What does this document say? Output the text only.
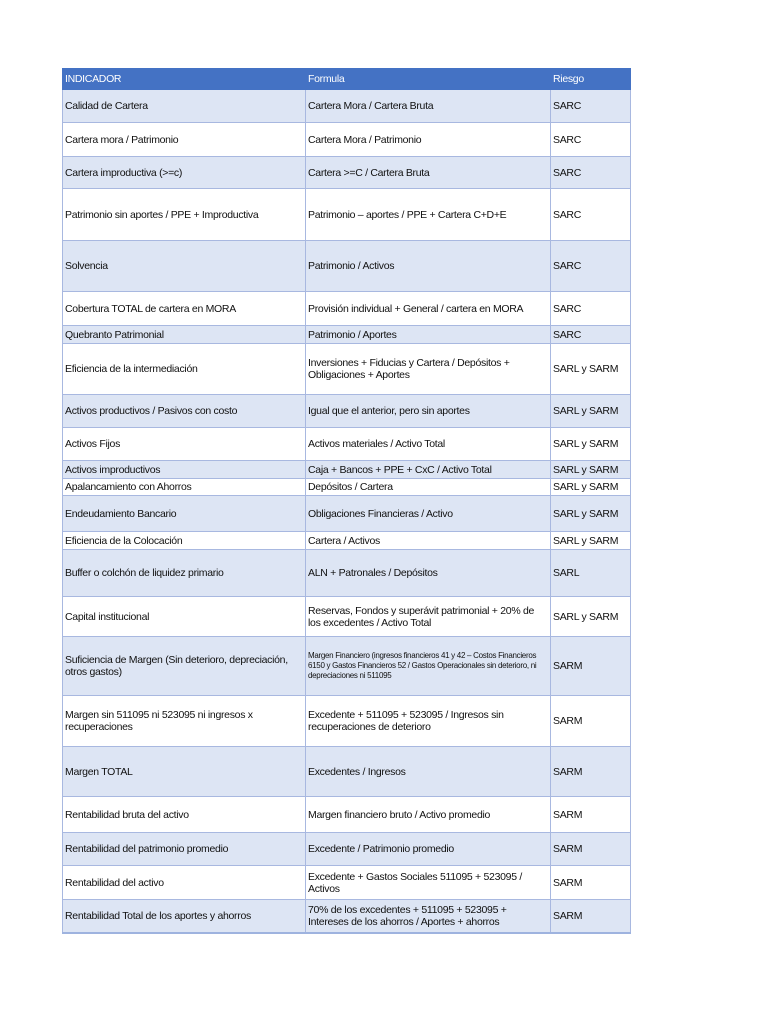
INDICADOR	Formula	Riesgo
Calidad de Cartera	Cartera Mora / Cartera Bruta	SARC
Cartera mora / Patrimonio	Cartera Mora / Patrimonio	SARC
Cartera improductiva (>=c)	Cartera >=C / Cartera Bruta	SARC
Patrimonio sin aportes / PPE + Improductiva	Patrimonio – aportes / PPE + Cartera C+D+E	SARC
Solvencia	Patrimonio / Activos	SARC
Cobertura TOTAL de cartera en MORA	Provisión individual + General / cartera en MORA	SARC
Quebranto Patrimonial	Patrimonio / Aportes	SARC
Eficiencia de la intermediación	Inversiones + Fiducias y Cartera / Depósitos + Obligaciones + Aportes	SARL y SARM
Activos productivos / Pasivos con costo	Igual que el anterior, pero sin aportes	SARL y SARM
Activos Fijos	Activos materiales / Activo Total	SARL y SARM
Activos improductivos	Caja + Bancos + PPE + CxC / Activo Total	SARL y SARM
Apalancamiento con Ahorros	Depósitos / Cartera	SARL y SARM
Endeudamiento Bancario	Obligaciones Financieras / Activo	SARL y SARM
Eficiencia de la Colocación	Cartera / Activos	SARL y SARM
Buffer o colchón de liquidez primario	ALN + Patronales / Depósitos	SARL
Capital institucional	Reservas, Fondos y superávit patrimonial + 20% de los excedentes / Activo Total	SARL y SARM
Suficiencia de Margen (Sin deterioro, depreciación, otros gastos)	Margen Financiero (ingresos financieros 41 y 42 – Costos Financieros 6150 y Gastos Financieros 52 / Gastos Operacionales sin deterioro, ni depreciaciones ni 511095	SARM
Margen sin 511095 ni 523095 ni ingresos x recuperaciones	Excedente + 511095 + 523095 / Ingresos sin recuperaciones de deterioro	SARM
Margen TOTAL	Excedentes / Ingresos	SARM
Rentabilidad bruta del activo	Margen financiero bruto / Activo promedio	SARM
Rentabilidad del patrimonio promedio	Excedente / Patrimonio promedio	SARM
Rentabilidad del activo	Excedente + Gastos Sociales 511095 + 523095 / Activos	SARM
Rentabilidad Total de los aportes y ahorros	70% de los excedentes + 511095 + 523095 + Intereses de los ahorros / Aportes + ahorros	SARM
